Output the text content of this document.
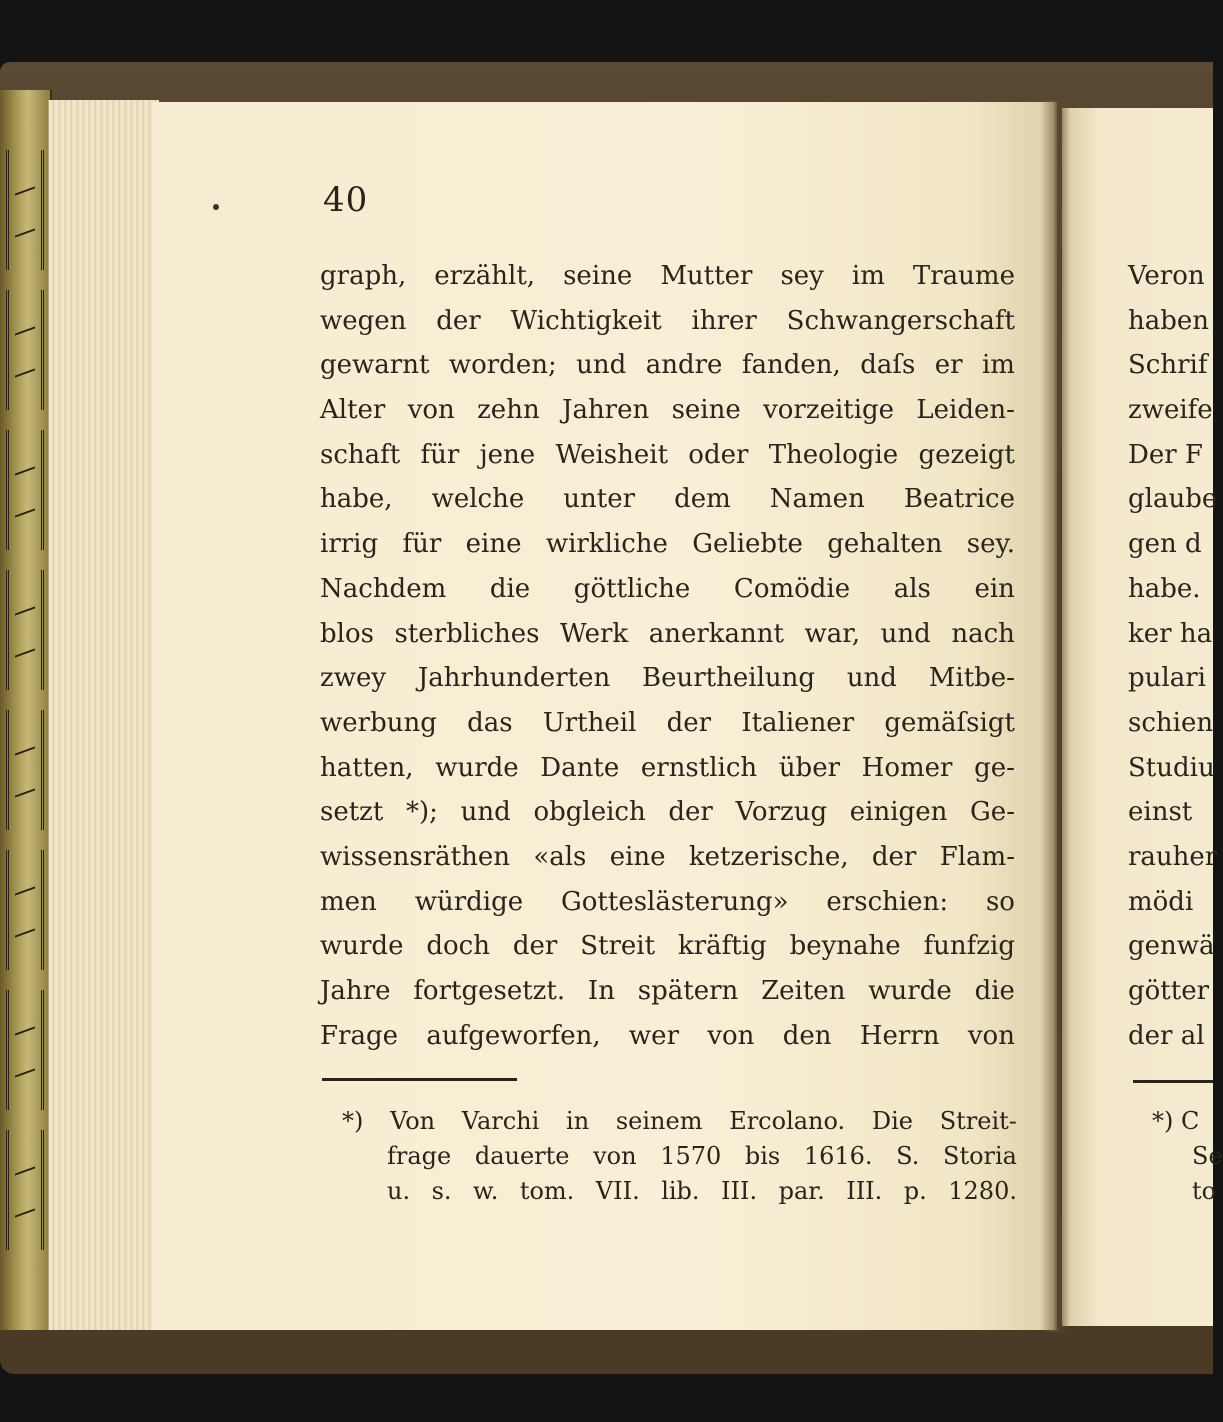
40
graph, erzählt, seine Mutter sey im Traume
wegen der Wichtigkeit ihrer Schwangerschaft
gewarnt worden; und andre fanden, daſs er im
Alter von zehn Jahren seine vorzeitige Leiden-
schaft für jene Weisheit oder Theologie gezeigt
habe, welche unter dem Namen Beatrice
irrig für eine wirkliche Geliebte gehalten sey.
Nachdem die göttliche Comödie als ein
blos sterbliches Werk anerkannt war, und nach
zwey Jahrhunderten Beurtheilung und Mitbe-
werbung das Urtheil der Italiener gemäſsigt
hatten, wurde Dante ernstlich über Homer ge-
setzt *); und obgleich der Vorzug einigen Ge-
wissensräthen «als eine ketzerische, der Flam-
men würdige Gotteslästerung» erschien: so
wurde doch der Streit kräftig beynahe funfzig
Jahre fortgesetzt. In spätern Zeiten wurde die
Frage aufgeworfen, wer von den Herrn von
*) Von Varchi in seinem Ercolano. Die Streit-
frage dauerte von 1570 bis 1616. S. Storia
u. s. w. tom. VII. lib. III. par. III. p. 1280.
Veron
haben
Schrif
zweife
Der F
glaube
gen d
habe.
ker ha
pulari
schien
Studiu
einst
rauher
mödi
genwä
götter
der al
*) C
Se
to
